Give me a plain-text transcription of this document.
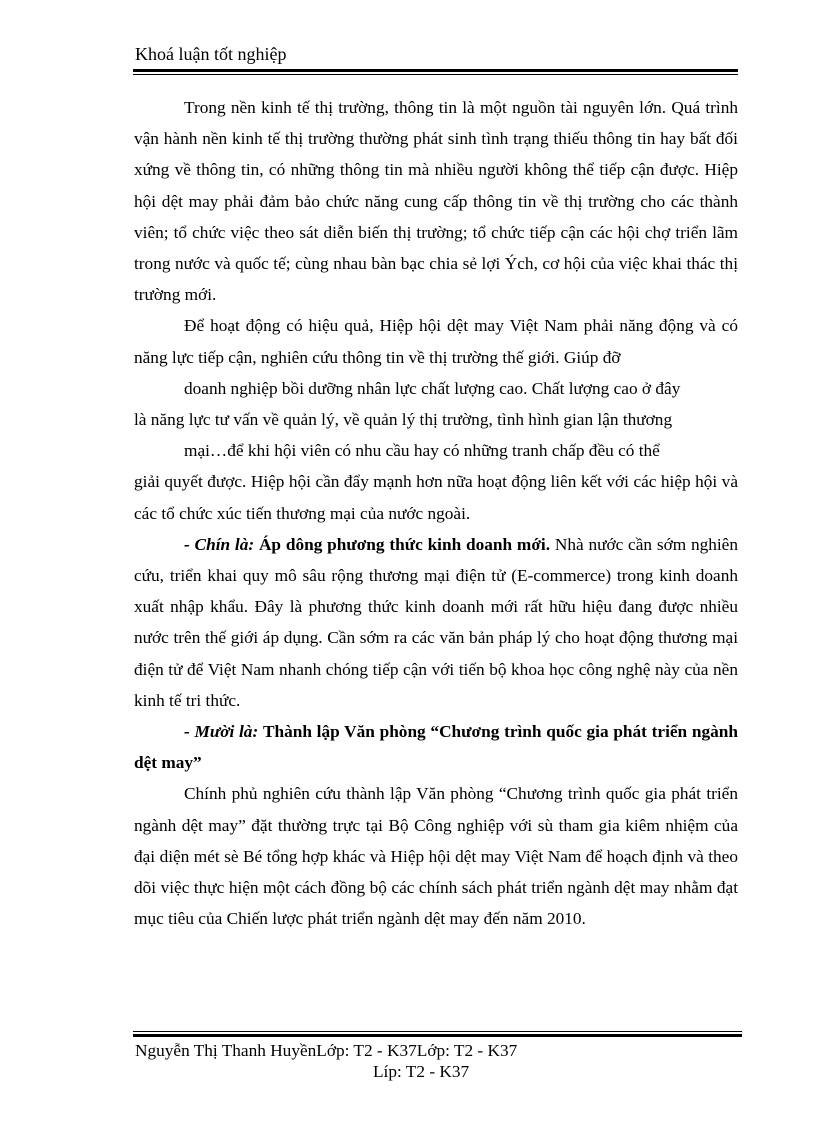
Khoá luận tốt nghiệp

Trong nền kinh tế thị trường, thông tin là một nguồn tài nguyên lớn. Quá trình vận hành nền kinh tế thị trường thường phát sinh tình trạng thiếu thông tin hay bất đối xứng về thông tin, có những thông tin mà nhiều người không thể tiếp cận được. Hiệp hội dệt may phải đảm bảo chức năng cung cấp thông tin về thị trường cho các thành viên; tổ chức việc theo sát diễn biến thị trường; tổ chức tiếp cận các hội chợ triển lãm trong nước và quốc tế; cùng nhau bàn bạc chia sẻ lợi Ých, cơ hội của việc khai thác thị trường mới.

Để hoạt động có hiệu quả, Hiệp hội dệt may Việt Nam phải năng động và có năng lực tiếp cận, nghiên cứu thông tin về thị trường thế giới. Giúp đỡ

doanh nghiệp bồi dưỡng nhân lực chất lượng cao. Chất lượng cao ở đây

là năng lực tư vấn về quản lý, về quản lý thị trường, tình hình gian lận thương

mại…để khi hội viên có nhu cầu hay có những tranh chấp đều có thể

giải quyết được. Hiệp hội cần đẩy mạnh hơn nữa hoạt động liên kết với các hiệp hội và các tổ chức xúc tiến thương mại của nước ngoài.

- Chín là: Áp dông phương thức kinh doanh mới. Nhà nước cần sớm nghiên cứu, triển khai quy mô sâu rộng thương mại điện tử (E-commerce) trong kinh doanh xuất nhập khẩu. Đây là phương thức kinh doanh mới rất hữu hiệu đang được nhiều nước trên thế giới áp dụng. Cần sớm ra các văn bản pháp lý cho hoạt động thương mại điện tử để Việt Nam nhanh chóng tiếp cận với tiến bộ khoa học công nghệ này của nền kinh tế tri thức.

- Mười là: Thành lập Văn phòng “Chương trình quốc gia phát triển ngành dệt may”

Chính phủ nghiên cứu thành lập Văn phòng “Chương trình quốc gia phát triển ngành dệt may” đặt thường trực tại Bộ Công nghiệp với sù tham gia kiêm nhiệm của đại diện mét sè Bé tổng hợp khác và Hiệp hội dệt may Việt Nam để hoạch định và theo dõi việc thực hiện một cách đồng bộ các chính sách phát triển ngành dệt may nhằm đạt mục tiêu của Chiến lược phát triển ngành dệt may đến năm 2010.

Nguyễn Thị Thanh HuyềnLớp: T2 - K37Lớp: T2 - K37
Líp: T2 - K37
